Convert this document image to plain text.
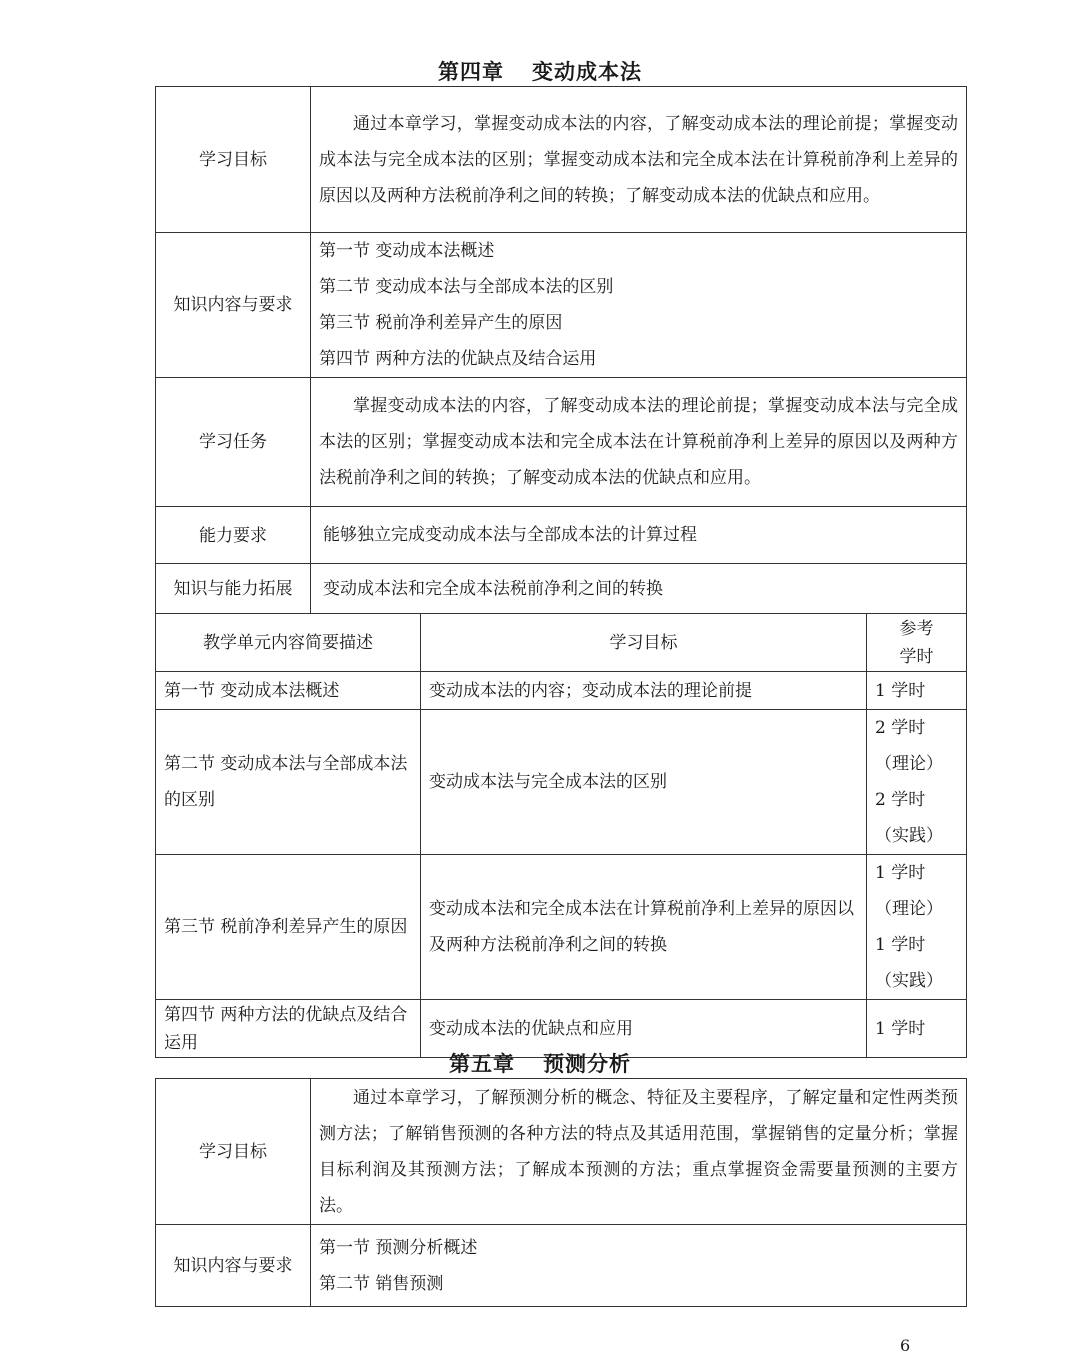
第四章 变动成本法
学习目标	通过本章学习，掌握变动成本法的内容，了解变动成本法的理论前提；掌握变动成本法与完全成本法的区别；掌握变动成本法和完全成本法在计算税前净利上差异的原因以及两种方法税前净利之间的转换；了解变动成本法的优缺点和应用。
知识内容与要求	第一节 变动成本法概述
第二节 变动成本法与全部成本法的区别
第三节 税前净利差异产生的原因
第四节 两种方法的优缺点及结合运用

学习任务	掌握变动成本法的内容，了解变动成本法的理论前提；掌握变动成本法与完全成本法的区别；掌握变动成本法和完全成本法在计算税前净利上差异的原因以及两种方法税前净利之间的转换；了解变动成本法的优缺点和应用。
能力要求	能够独立完成变动成本法与全部成本法的计算过程
知识与能力拓展	变动成本法和完全成本法税前净利之间的转换
教学单元内容简要描述	学习目标	参考
学时

第一节 变动成本法概述	变动成本法的内容；变动成本法的理论前提	1 学时

第二节 变动成本法与全部成本法的区别	变动成本法与完全成本法的区别	2 学时
（理论）
2 学时
（实践）

第三节 税前净利差异产生的原因	变动成本法和完全成本法在计算税前净利上差异的原因以及两种方法税前净利之间的转换	1 学时
（理论）
1 学时
（实践）

第四节 两种方法的优缺点及结合运用	变动成本法的优缺点和应用	1 学时
第五章 预测分析
学习目标	通过本章学习，了解预测分析的概念、特征及主要程序，了解定量和定性两类预测方法；了解销售预测的各种方法的特点及其适用范围，掌握销售的定量分析；掌握目标利润及其预测方法；了解成本预测的方法；重点掌握资金需要量预测的主要方法。
知识内容与要求	第一节 预测分析概述
第二节 销售预测
6
